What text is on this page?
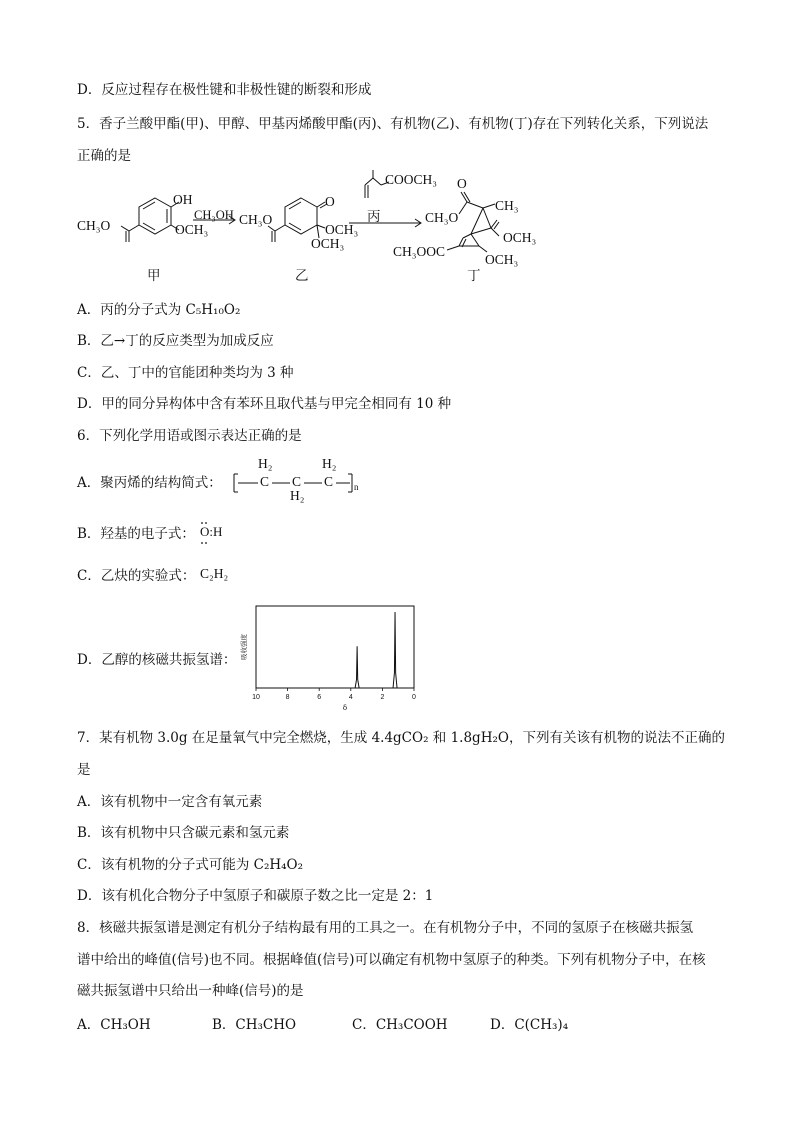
D．反应过程存在极性键和非极性键的断裂和形成
5．香子兰酸甲酯(甲)、甲醇、甲基丙烯酸甲酯(丙)、有机物(乙)、有机物(丁)存在下列转化关系，下列说法
正确的是
CH₃O
OH
OCH₃
CH₃OH CH₃O
O
OCH₃
OCH₃
COOCH₃
丙	CH₃O
O
CH₃
OCH₃
OCH₃
CH₃OOC
甲	乙	丁
A．丙的分子式为 C₅H₁₀O₂
B．乙→丁的反应类型为加成反应
C．乙、丁中的官能团种类均为 3 种
D．甲的同分异构体中含有苯环且取代基与甲完全相同有 10 种
6．下列化学用语或图示表达正确的是
A．聚丙烯的结构简式：
H₂
C C
H₂
H₂
C n
B．羟基的电子式： O:H
C．乙炔的实验式： C₂H₂
D．乙醇的核磁共振氢谱：
10	8	6	4	2	0
吸收强度
δ
7．某有机物 3.0g 在足量氧气中完全燃烧，生成 4.4gCO₂ 和 1.8gH₂O，下列有关该有机物的说法不正确的
是
A．该有机物中一定含有氧元素
B．该有机物中只含碳元素和氢元素
C．该有机物的分子式可能为 C₂H₄O₂
D．该有机化合物分子中氢原子和碳原子数之比一定是 2：1
8．核磁共振氢谱是测定有机分子结构最有用的工具之一。在有机物分子中，不同的氢原子在核磁共振氢
谱中给出的峰值(信号)也不同。根据峰值(信号)可以确定有机物中氢原子的种类。下列有机物分子中，在核
磁共振氢谱中只给出一种峰(信号)的是
A．CH₃OH	B．CH₃CHO	C．CH₃COOH	D．C(CH₃)₄
